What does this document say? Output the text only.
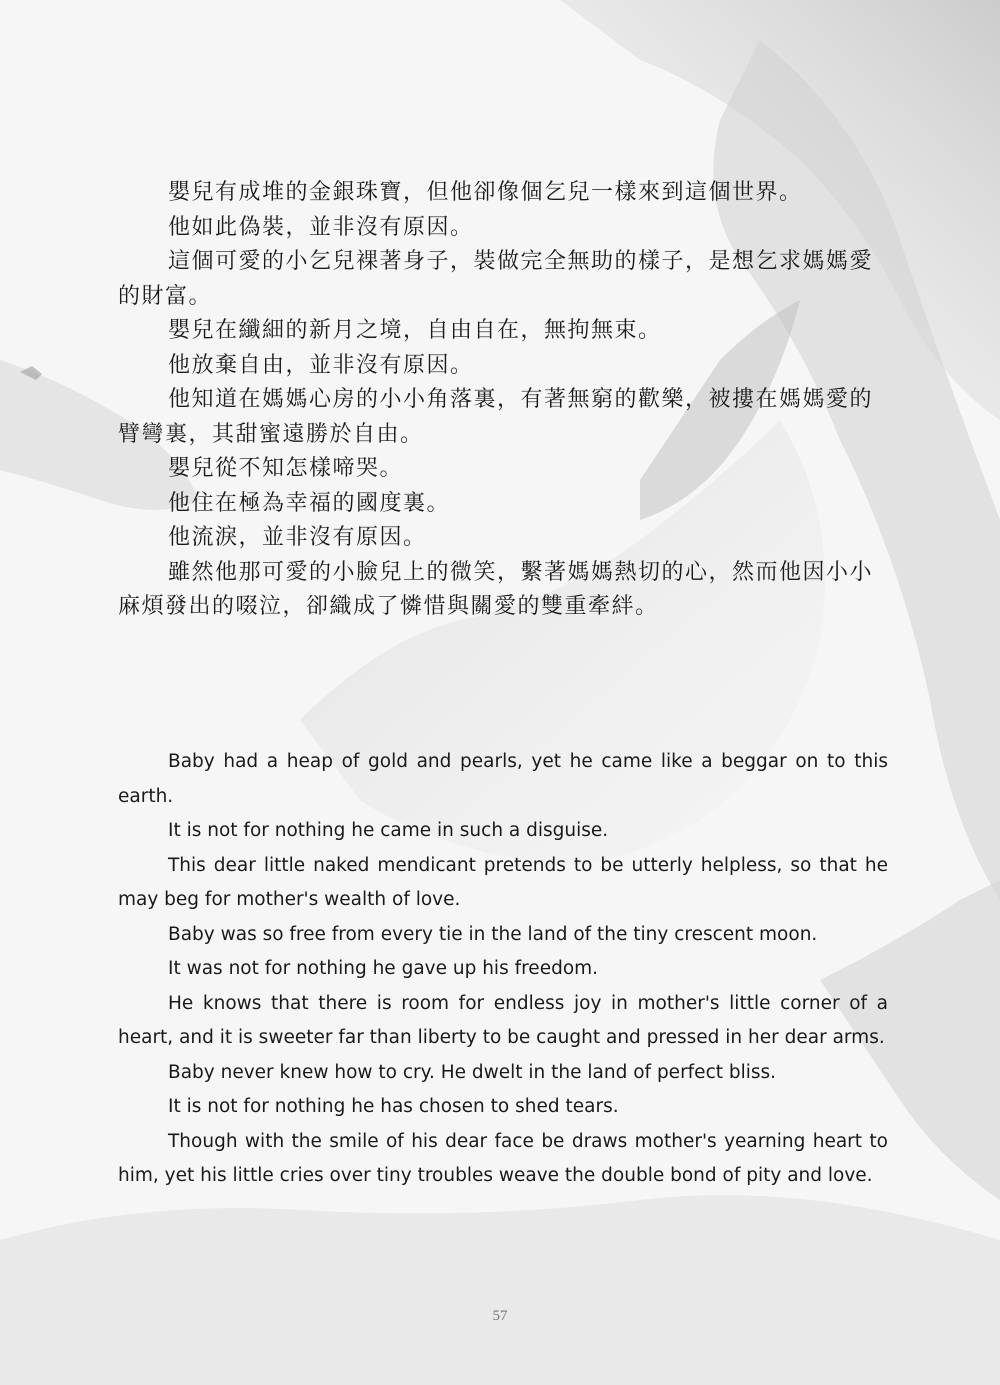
嬰兒有成堆的金銀珠寶，但他卻像個乞兒一樣來到這個世界。

他如此偽裝，並非沒有原因。

這個可愛的小乞兒裸著身子，裝做完全無助的樣子，是想乞求媽媽愛的財富。

嬰兒在纖細的新月之境，自由自在，無拘無束。

他放棄自由，並非沒有原因。

他知道在媽媽心房的小小角落裏，有著無窮的歡樂，被摟在媽媽愛的臂彎裏，其甜蜜遠勝於自由。

嬰兒從不知怎樣啼哭。

他住在極為幸福的國度裏。

他流淚，並非沒有原因。

雖然他那可愛的小臉兒上的微笑，繫著媽媽熱切的心，然而他因小小麻煩發出的啜泣，卻織成了憐惜與關愛的雙重牽絆。

Baby had a heap of gold and pearls, yet he came like a beggar on to this earth.

It is not for nothing he came in such a disguise.

This dear little naked mendicant pretends to be utterly helpless, so that he may beg for mother's wealth of love.

Baby was so free from every tie in the land of the tiny crescent moon.

It was not for nothing he gave up his freedom.

He knows that there is room for endless joy in mother's little corner of a heart, and it is sweeter far than liberty to be caught and pressed in her dear arms.

Baby never knew how to cry. He dwelt in the land of perfect bliss.

It is not for nothing he has chosen to shed tears.

Though with the smile of his dear face be draws mother's yearning heart to him, yet his little cries over tiny troubles weave the double bond of pity and love.

57
